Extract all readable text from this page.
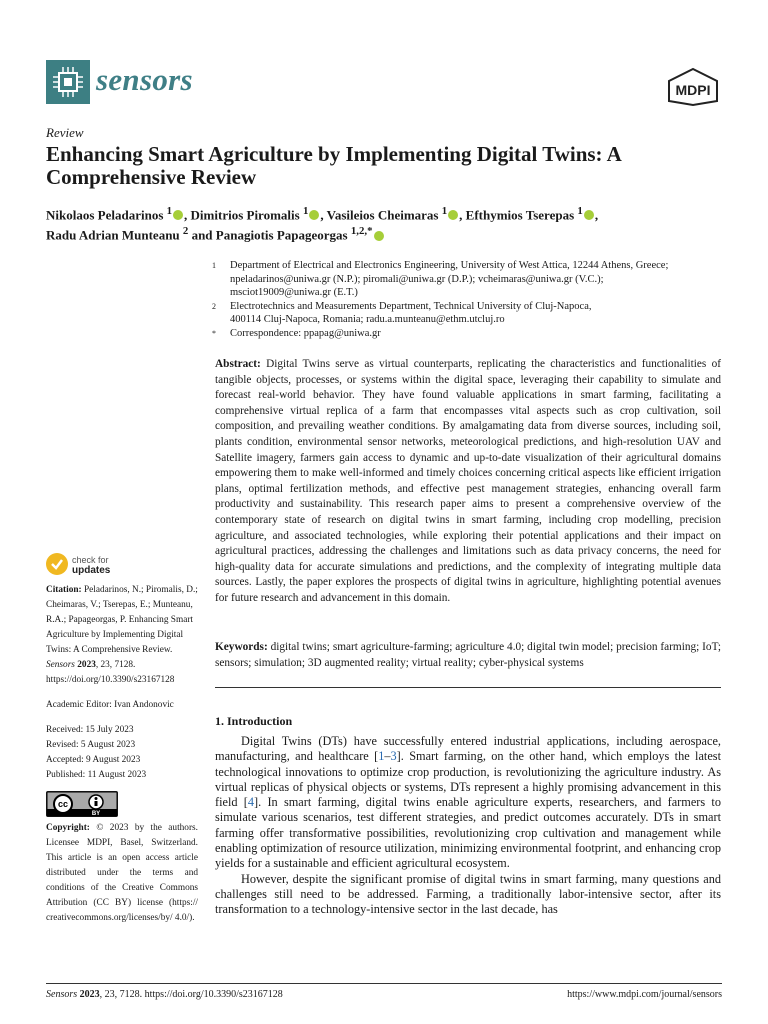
sensors	MDPI
Review
Enhancing Smart Agriculture by Implementing Digital Twins: A Comprehensive Review
Nikolaos Peladarinos $^1$ , Dimitrios Piromalis $^1$ , Vasileios Cheimaras $^1$ , Efthymios Tserepas $^1$ ,
Radu Adrian Munteanu $^2$ and Panagiotis Papageorgas $^{1,2,*}$
1	Department of Electrical and Electronics Engineering, University of West Attica, 12244 Athens, Greece;
npeladarinos@uniwa.gr (N.P.); piromali@uniwa.gr (D.P.); vcheimaras@uniwa.gr (V.C.);
msciot19009@uniwa.gr (E.T.)
2	Electrotechnics and Measurements Department, Technical University of Cluj-Napoca,
400114 Cluj-Napoca, Romania; radu.a.munteanu@ethm.utcluj.ro
*	Correspondence: ppapag@uniwa.gr
Abstract: Digital Twins serve as virtual counterparts, replicating the characteristics and functionalities of tangible objects, processes, or systems within the digital space, leveraging their capability to simulate and forecast real-world behavior. They have found valuable applications in smart farming, facilitating a comprehensive virtual replica of a farm that encompasses vital aspects such as crop cultivation, soil composition, and prevailing weather conditions. By amalgamating data from diverse sources, including soil, plants condition, environmental sensor networks, meteorological predictions, and high-resolution UAV and Satellite imagery, farmers gain access to dynamic and up-to-date visualization of their agricultural domains empowering them to make well-informed and timely choices concerning critical aspects like efficient irrigation plans, optimal fertilization methods, and effective pest management strategies, enhancing overall farm productivity and sustainability. This research paper aims to present a comprehensive overview of the contemporary state of research on digital twins in smart farming, including crop modelling, precision agriculture, and associated technologies, while exploring their potential applications and their impact on agricultural practices, addressing the challenges and limitations such as data privacy concerns, the need for high-quality data for accurate simulations and predictions, and the complexity of integrating multiple data sources. Lastly, the paper explores the prospects of digital twins in agriculture, highlighting potential avenues for future research and advancement in this domain.
Keywords: digital twins; smart agriculture-farming; agriculture 4.0; digital twin model; precision farming; IoT; sensors; simulation; 3D augmented reality; virtual reality; cyber-physical systems
1. Introduction

Digital Twins (DTs) have successfully entered industrial applications, including aerospace, manufacturing, and healthcare [1–3]. Smart farming, on the other hand, which employs the latest technological innovations to optimize crop production, is revolutionizing the agriculture industry. As virtual replicas of physical objects or systems, DTs represent a highly promising advancement in this field [4]. In smart farming, digital twins enable agriculture experts, researchers, and farmers to simulate various scenarios, test different strategies, and predict outcomes accurately. DTs in smart farming offer transformative possibilities, revolutionizing crop cultivation and management while enabling optimization of resource utilization, minimizing environmental footprint, and enhancing crop yields for a sustainable and efficient agricultural ecosystem.

However, despite the significant promise of digital twins in smart farming, many questions and challenges still need to be addressed. Farming, a traditionally labor-intensive sector, after its transformation to a technology-intensive sector in the last decade, has

check for
updates
Citation: Peladarinos, N.; Piromalis, D.; Cheimaras, V.; Tserepas, E.; Munteanu, R.A.; Papageorgas, P. Enhancing Smart Agriculture by Implementing Digital Twins: A Comprehensive Review. Sensors 2023, 23, 7128. https://doi.org/10.3390/s23167128
Academic Editor: Ivan Andonovic
Received: 15 July 2023
Revised: 5 August 2023
Accepted: 9 August 2023
Published: 11 August 2023
cc
BY
Copyright: © 2023 by the authors. Licensee MDPI, Basel, Switzerland. This article is an open access article distributed under the terms and conditions of the Creative Commons Attribution (CC BY) license (https:// creativecommons.org/licenses/by/ 4.0/).
Sensors 2023, 23, 7128. https://doi.org/10.3390/s23167128	https://www.mdpi.com/journal/sensors
